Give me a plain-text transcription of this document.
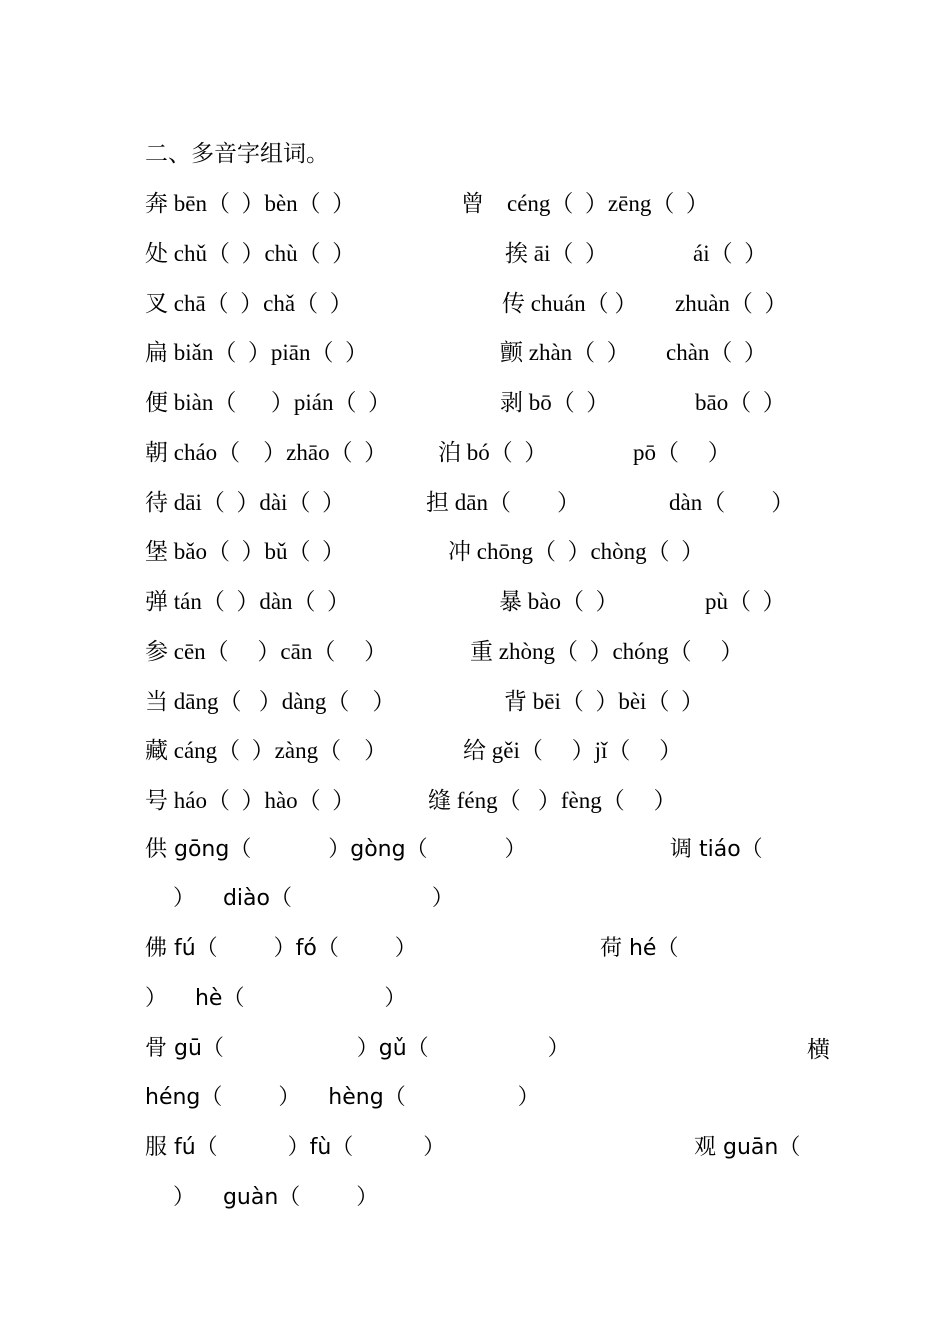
二、多音字组词。
奔 bēn（  ）bèn（  ）	曾    céng（  ）zēng（  ）
处 chǔ（  ）chù（  ）	挨 āi（  ）	ái（  ）
叉 chā（  ）chǎ（  ）	传 chuán（ ） zhuàn（  ）
扁 biǎn（  ）piān（  ）	颤 zhàn（  ） chàn（  ）
便 biàn（      ）pián（  ）	剥 bō（  ）	bāo（  ）
朝 cháo（    ）zhāo（  ） 泊 bó（  ）	pō（     ）
待 dāi（  ）dài（  ）	担 dān（        ）	dàn（        ）
堡 bǎo（  ）bǔ（  ）	冲 chōng（  ）chòng（  ）
弹 tán（  ）dàn（  ）	暴 bào（  ）	pù（  ）
参 cēn（     ）cān（     ）	重 zhòng（  ）chóng（     ）
当 dāng（   ）dàng（    ）	背 bēi（  ）bèi（  ）
藏 cáng（  ）zàng（    ）	给 gěi（     ）jǐ（     ）
号 háo（  ）hào（  ）	缝 féng（   ）fèng（     ）
供 gōng（           ）gòng（           ）	调 tiáo（
）    diào（                    ）
佛 fú（        ）fó（        ）	荷 hé（
）    hè（                    ）
骨 gū（                   ）gǔ（                 ）	横
héng（        ）    hèng（                ）
服 fú（          ）fù（          ）	观 guān（
）    guàn（        ）
